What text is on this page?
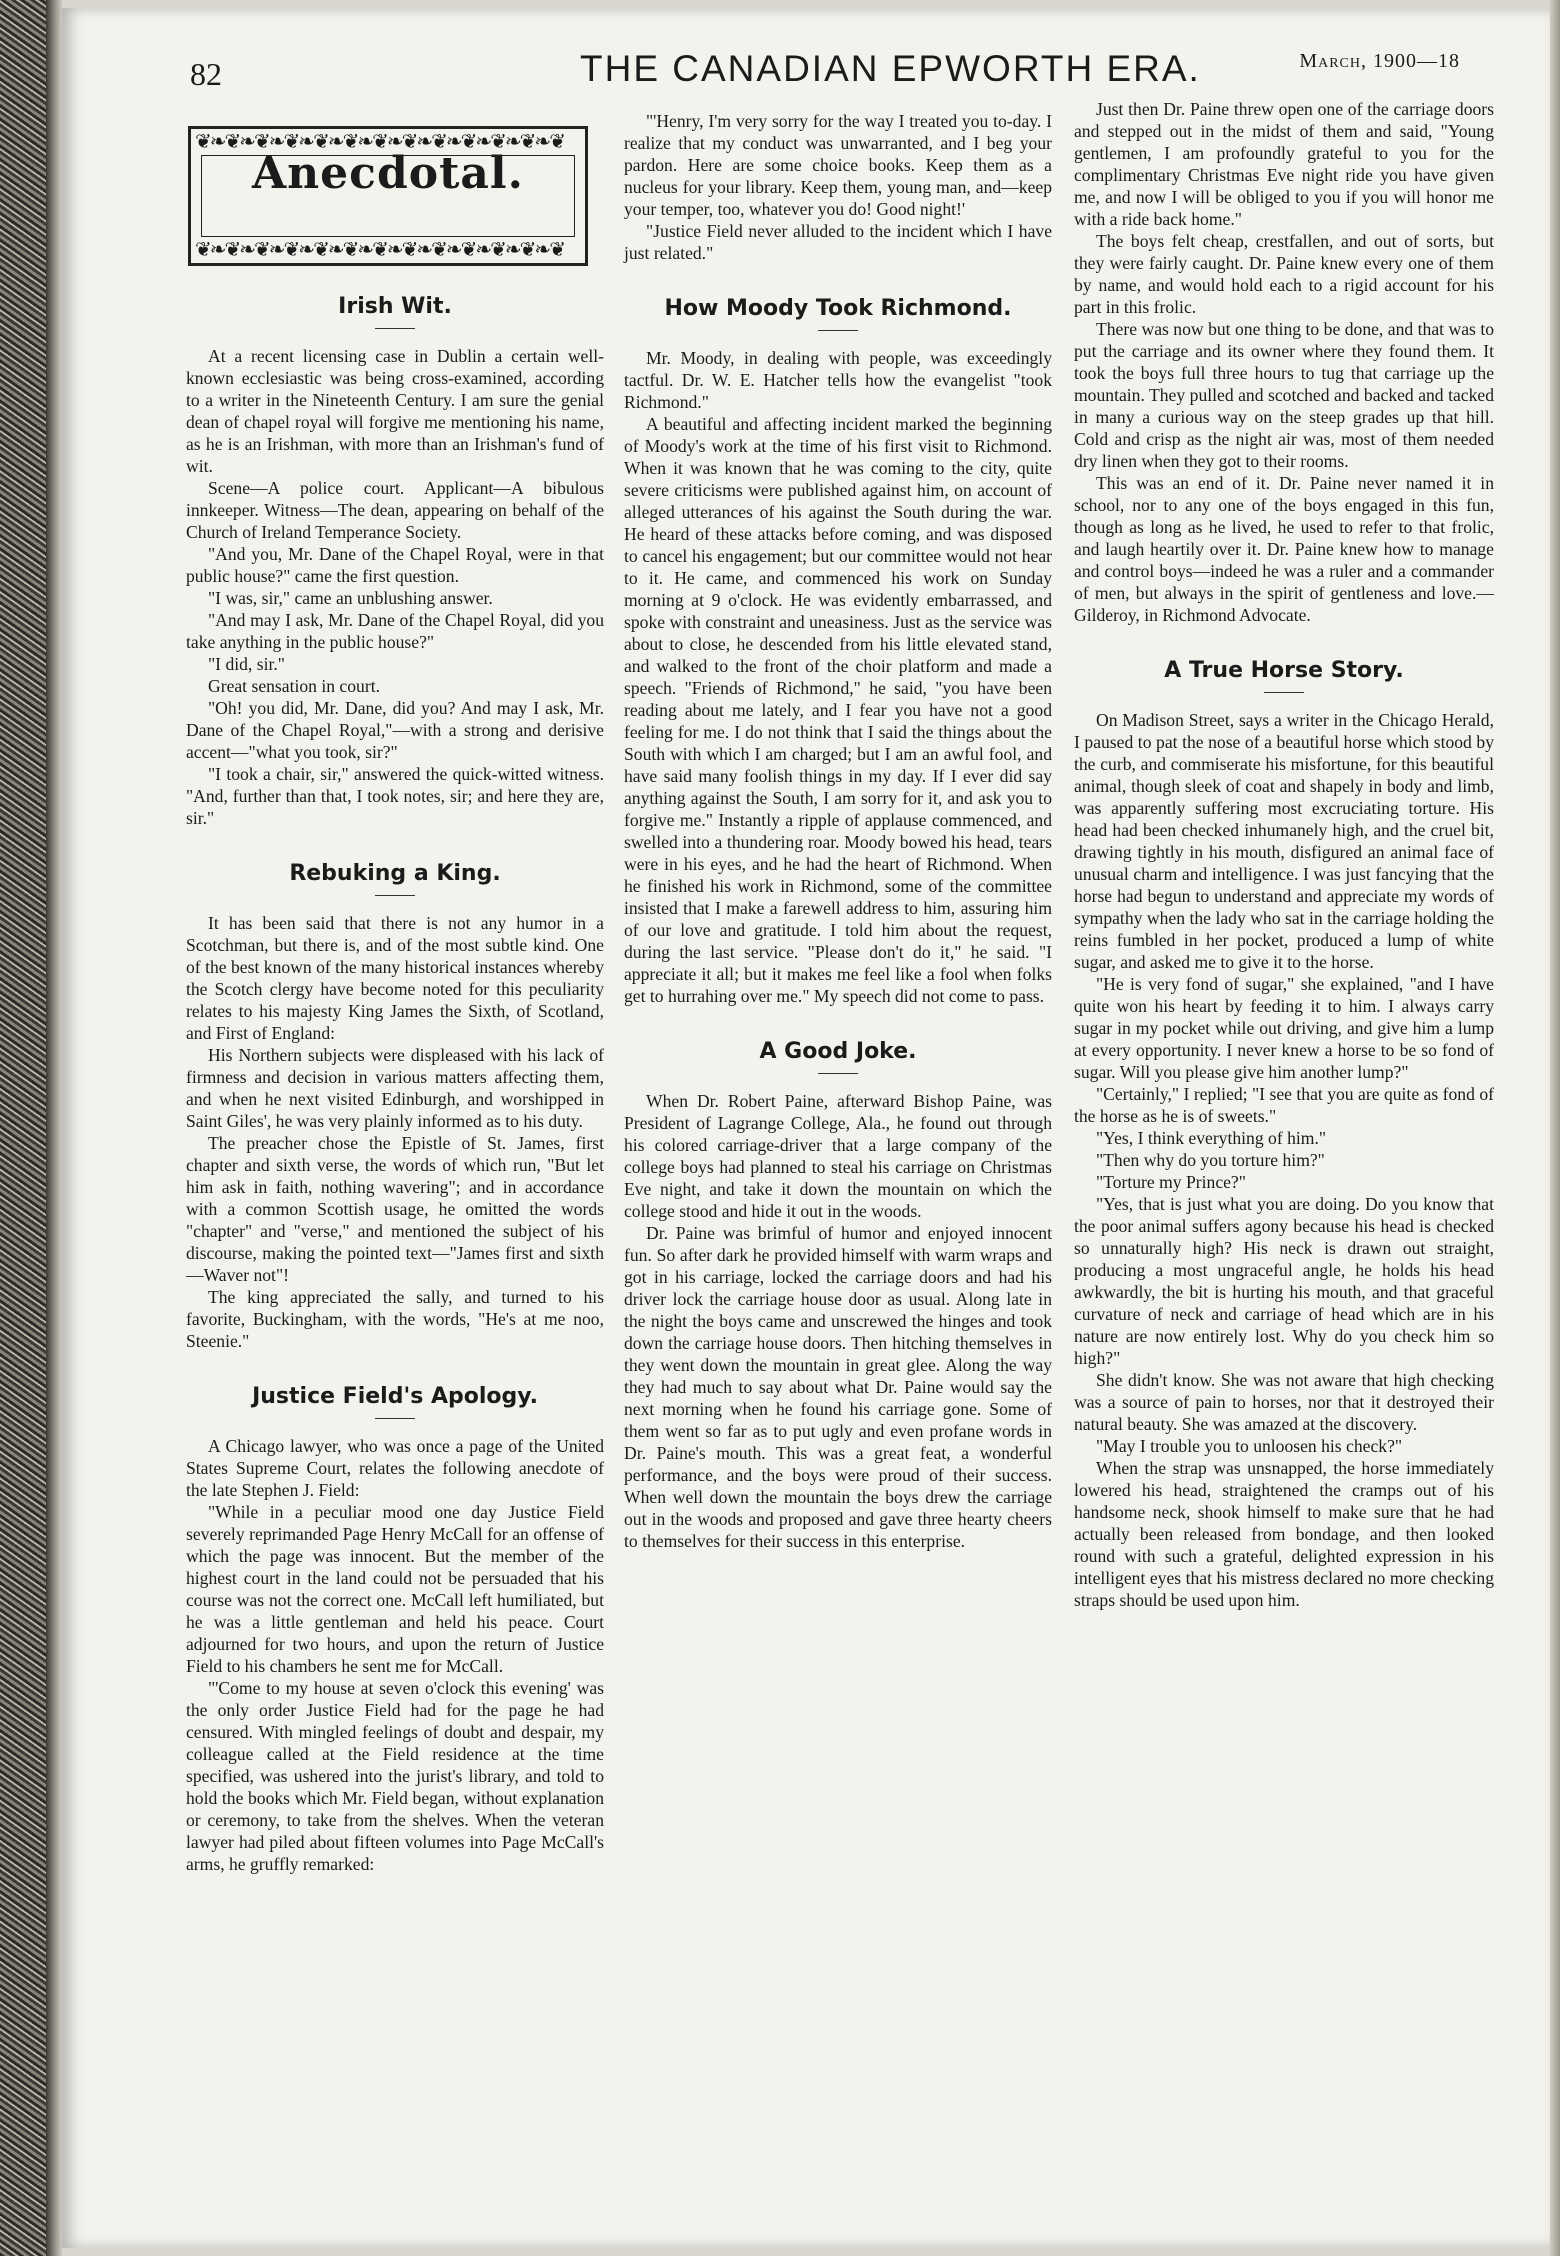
82	THE CANADIAN EPWORTH ERA.	March, 1900—18
❦❧❦❧❦❧❦❧❦❧❦❧❦❧❦❧❦❧❦❧❦❧❦❧❦
Anecdotal.
❦❧❦❧❦❧❦❧❦❧❦❧❦❧❦❧❦❧❦❧❦❧❦❧❦
Irish Wit.

At a recent licensing case in Dublin a certain well-known ecclesiastic was being cross-examined, according to a writer in the Nineteenth Century. I am sure the genial dean of chapel royal will forgive me mentioning his name, as he is an Irishman, with more than an Irishman's fund of wit.

Scene—A police court. Applicant—A bibulous innkeeper. Witness—The dean, appearing on behalf of the Church of Ireland Temperance Society.

"And you, Mr. Dane of the Chapel Royal, were in that public house?" came the first question.

"I was, sir," came an unblushing answer.

"And may I ask, Mr. Dane of the Chapel Royal, did you take anything in the public house?"

"I did, sir."

Great sensation in court.

"Oh! you did, Mr. Dane, did you? And may I ask, Mr. Dane of the Chapel Royal,"—with a strong and derisive accent—"what you took, sir?"

"I took a chair, sir," answered the quick-witted witness. "And, further than that, I took notes, sir; and here they are, sir."

Rebuking a King.

It has been said that there is not any humor in a Scotchman, but there is, and of the most subtle kind. One of the best known of the many historical instances whereby the Scotch clergy have become noted for this peculiarity relates to his majesty King James the Sixth, of Scotland, and First of England:

His Northern subjects were displeased with his lack of firmness and decision in various matters affecting them, and when he next visited Edinburgh, and worshipped in Saint Giles', he was very plainly informed as to his duty.

The preacher chose the Epistle of St. James, first chapter and sixth verse, the words of which run, "But let him ask in faith, nothing wavering"; and in accordance with a common Scottish usage, he omitted the words "chapter" and "verse," and mentioned the subject of his discourse, making the pointed text—"James first and sixth—Waver not"!

The king appreciated the sally, and turned to his favorite, Buckingham, with the words, "He's at me noo, Steenie."

Justice Field's Apology.

A Chicago lawyer, who was once a page of the United States Supreme Court, relates the following anecdote of the late Stephen J. Field:

"While in a peculiar mood one day Justice Field severely reprimanded Page Henry McCall for an offense of which the page was innocent. But the member of the highest court in the land could not be persuaded that his course was not the correct one. McCall left humiliated, but he was a little gentleman and held his peace. Court adjourned for two hours, and upon the return of Justice Field to his chambers he sent me for McCall.

"'Come to my house at seven o'clock this evening' was the only order Justice Field had for the page he had censured. With mingled feelings of doubt and despair, my colleague called at the Field residence at the time specified, was ushered into the jurist's library, and told to hold the books which Mr. Field began, without explanation or ceremony, to take from the shelves. When the veteran lawyer had piled about fifteen volumes into Page McCall's arms, he gruffly remarked:

"'Henry, I'm very sorry for the way I treated you to-day. I realize that my conduct was unwarranted, and I beg your pardon. Here are some choice books. Keep them as a nucleus for your library. Keep them, young man, and—keep your temper, too, whatever you do! Good night!'

"Justice Field never alluded to the incident which I have just related."

How Moody Took Richmond.

Mr. Moody, in dealing with people, was exceedingly tactful. Dr. W. E. Hatcher tells how the evangelist "took Richmond."

A beautiful and affecting incident marked the beginning of Moody's work at the time of his first visit to Richmond. When it was known that he was coming to the city, quite severe criticisms were published against him, on account of alleged utterances of his against the South during the war. He heard of these attacks before coming, and was disposed to cancel his engagement; but our committee would not hear to it. He came, and commenced his work on Sunday morning at 9 o'clock. He was evidently embarrassed, and spoke with constraint and uneasiness. Just as the service was about to close, he descended from his little elevated stand, and walked to the front of the choir platform and made a speech. "Friends of Richmond," he said, "you have been reading about me lately, and I fear you have not a good feeling for me. I do not think that I said the things about the South with which I am charged; but I am an awful fool, and have said many foolish things in my day. If I ever did say anything against the South, I am sorry for it, and ask you to forgive me." Instantly a ripple of applause commenced, and swelled into a thundering roar. Moody bowed his head, tears were in his eyes, and he had the heart of Richmond. When he finished his work in Richmond, some of the committee insisted that I make a farewell address to him, assuring him of our love and gratitude. I told him about the request, during the last service. "Please don't do it," he said. "I appreciate it all; but it makes me feel like a fool when folks get to hurrahing over me." My speech did not come to pass.

A Good Joke.

When Dr. Robert Paine, afterward Bishop Paine, was President of Lagrange College, Ala., he found out through his colored carriage-driver that a large company of the college boys had planned to steal his carriage on Christmas Eve night, and take it down the mountain on which the college stood and hide it out in the woods.

Dr. Paine was brimful of humor and enjoyed innocent fun. So after dark he provided himself with warm wraps and got in his carriage, locked the carriage doors and had his driver lock the carriage house door as usual. Along late in the night the boys came and unscrewed the hinges and took down the carriage house doors. Then hitching themselves in they went down the mountain in great glee. Along the way they had much to say about what Dr. Paine would say the next morning when he found his carriage gone. Some of them went so far as to put ugly and even profane words in Dr. Paine's mouth. This was a great feat, a wonderful performance, and the boys were proud of their success. When well down the mountain the boys drew the carriage out in the woods and proposed and gave three hearty cheers to themselves for their success in this enterprise.

Just then Dr. Paine threw open one of the carriage doors and stepped out in the midst of them and said, "Young gentlemen, I am profoundly grateful to you for the complimentary Christmas Eve night ride you have given me, and now I will be obliged to you if you will honor me with a ride back home."

The boys felt cheap, crestfallen, and out of sorts, but they were fairly caught. Dr. Paine knew every one of them by name, and would hold each to a rigid account for his part in this frolic.

There was now but one thing to be done, and that was to put the carriage and its owner where they found them. It took the boys full three hours to tug that carriage up the mountain. They pulled and scotched and backed and tacked in many a curious way on the steep grades up that hill. Cold and crisp as the night air was, most of them needed dry linen when they got to their rooms.

This was an end of it. Dr. Paine never named it in school, nor to any one of the boys engaged in this fun, though as long as he lived, he used to refer to that frolic, and laugh heartily over it. Dr. Paine knew how to manage and control boys—indeed he was a ruler and a commander of men, but always in the spirit of gentleness and love.—Gilderoy, in Richmond Advocate.

A True Horse Story.

On Madison Street, says a writer in the Chicago Herald, I paused to pat the nose of a beautiful horse which stood by the curb, and commiserate his misfortune, for this beautiful animal, though sleek of coat and shapely in body and limb, was apparently suffering most excruciating torture. His head had been checked inhumanely high, and the cruel bit, drawing tightly in his mouth, disfigured an animal face of unusual charm and intelligence. I was just fancying that the horse had begun to understand and appreciate my words of sympathy when the lady who sat in the carriage holding the reins fumbled in her pocket, produced a lump of white sugar, and asked me to give it to the horse.

"He is very fond of sugar," she explained, "and I have quite won his heart by feeding it to him. I always carry sugar in my pocket while out driving, and give him a lump at every opportunity. I never knew a horse to be so fond of sugar. Will you please give him another lump?"

"Certainly," I replied; "I see that you are quite as fond of the horse as he is of sweets."

"Yes, I think everything of him."

"Then why do you torture him?"

"Torture my Prince?"

"Yes, that is just what you are doing. Do you know that the poor animal suffers agony because his head is checked so unnaturally high? His neck is drawn out straight, producing a most ungraceful angle, he holds his head awkwardly, the bit is hurting his mouth, and that graceful curvature of neck and carriage of head which are in his nature are now entirely lost. Why do you check him so high?"

She didn't know. She was not aware that high checking was a source of pain to horses, nor that it destroyed their natural beauty. She was amazed at the discovery.

"May I trouble you to unloosen his check?"

When the strap was unsnapped, the horse immediately lowered his head, straightened the cramps out of his handsome neck, shook himself to make sure that he had actually been released from bondage, and then looked round with such a grateful, delighted expression in his intelligent eyes that his mistress declared no more checking straps should be used upon him.
